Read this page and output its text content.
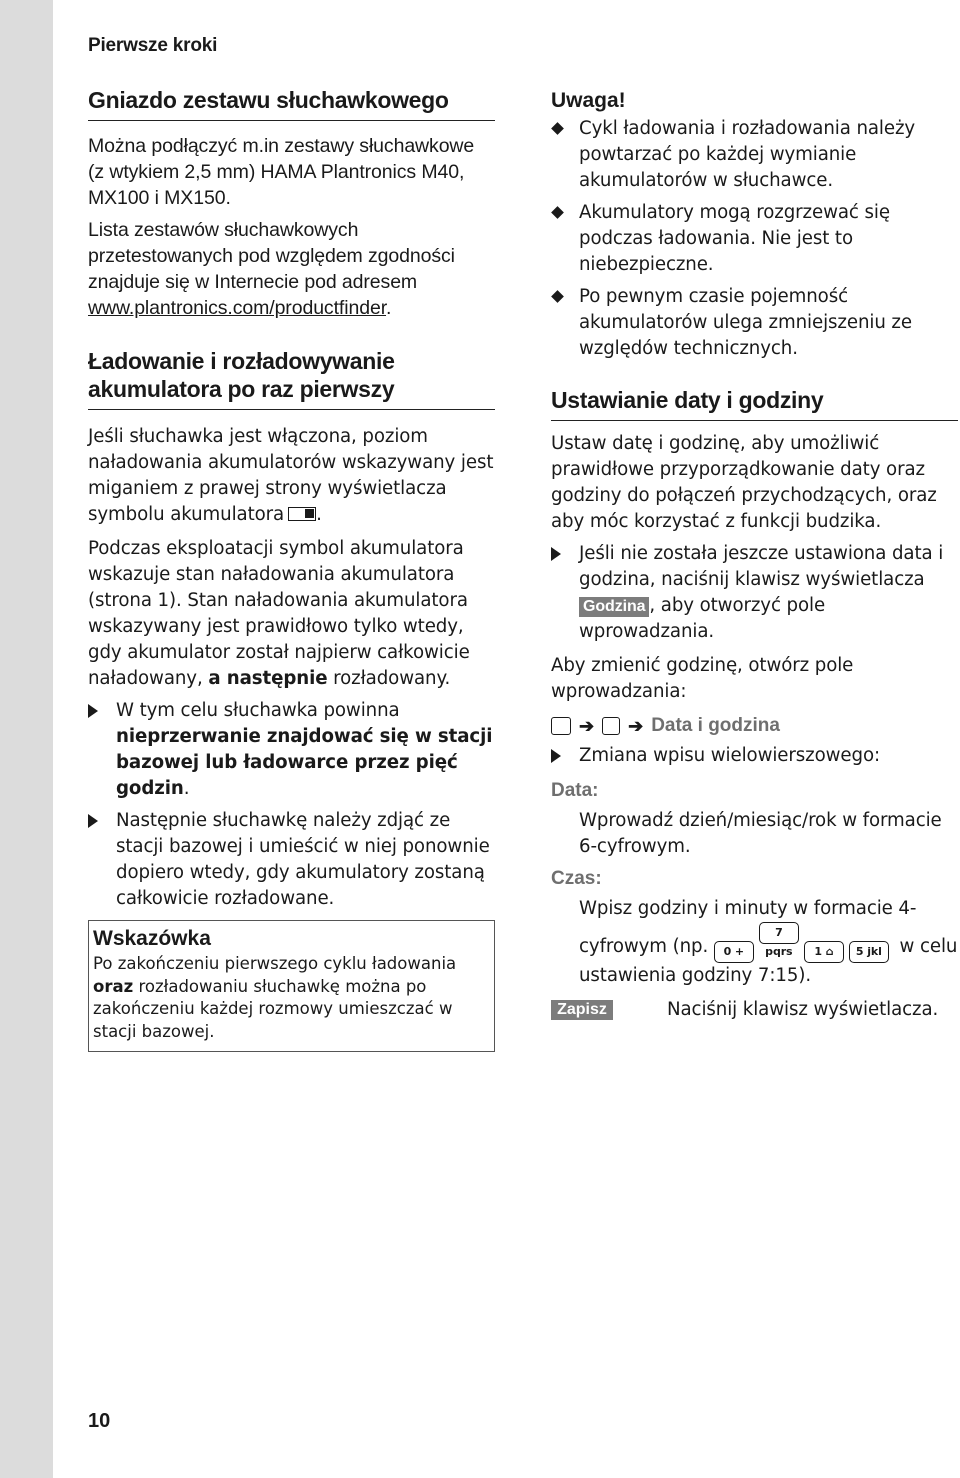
Pierwsze kroki
Gniazdo zestawu słuchawkowego

Można podłączyć m.in zestawy słuchawkowe (z wtykiem 2,5 mm) HAMA Plantronics M40, MX100 i MX150.

Lista zestawów słuchawkowych przetestowanych pod względem zgodności znajduje się w Internecie pod adresem www.plantronics.com/productfinder.

Ładowanie i rozładowywanie
akumulatora po raz pierwszy

Jeśli słuchawka jest włączona, poziom naładowania akumulatorów wskazywany jest miganiem z prawej strony wyświetlacza symbolu akumulatora .

Podczas eksploatacji symbol akumulatora wskazuje stan naładowania akumulatora (strona 1). Stan naładowania akumulatora wskazywany jest prawidłowo tylko wtedy, gdy akumulator został najpierw całkowicie naładowany, a następnie rozładowany.

W tym celu słuchawka powinna nieprzerwanie znajdować się w stacji bazowej lub ładowarce przez pięć godzin.
Następnie słuchawkę należy zdjąć ze stacji bazowej i umieścić w niej ponownie dopiero wtedy, gdy akumulatory zostaną całkowicie rozładowane.
Wskazówka
Po zakończeniu pierwszego cyklu ładowania oraz rozładowaniu słuchawkę można po zakończeniu każdej rozmowy umieszczać w stacji bazowej.
Uwaga!
Cykl ładowania i rozładowania należy powtarzać po każdej wymianie akumulatorów w słuchawce.
Akumulatory mogą rozgrzewać się podczas ładowania. Nie jest to niebezpieczne.
Po pewnym czasie pojemność akumulatorów ulega zmniejszeniu ze względów technicznych.
Ustawianie daty i godziny

Ustaw datę i godzinę, aby umożliwić prawidłowe przyporządkowanie daty oraz godziny do połączeń przychodzących, oraz aby móc korzystać z funkcji budzika.

Jeśli nie została jeszcze ustawiona data i godzina, naciśnij klawisz wyświetlacza Godzina , aby otworzyć pole wprowadzania.

Aby zmienić godzinę, otwórz pole wprowadzania:

➔ ➔ Data i godzina
Zmiana wpisu wielowierszowego:
Data:

Wprowadź dzień/miesiąc/rok w formacie 6-cyfrowym.

Czas:

Wpisz godziny i minuty w formacie 4-cyfrowym (np. 0 +7 pqrs 1 ⌂ 5 jkl w celu ustawienia godziny 7:15).

Zapisz	Naciśnij klawisz wyświetlacza.
10
